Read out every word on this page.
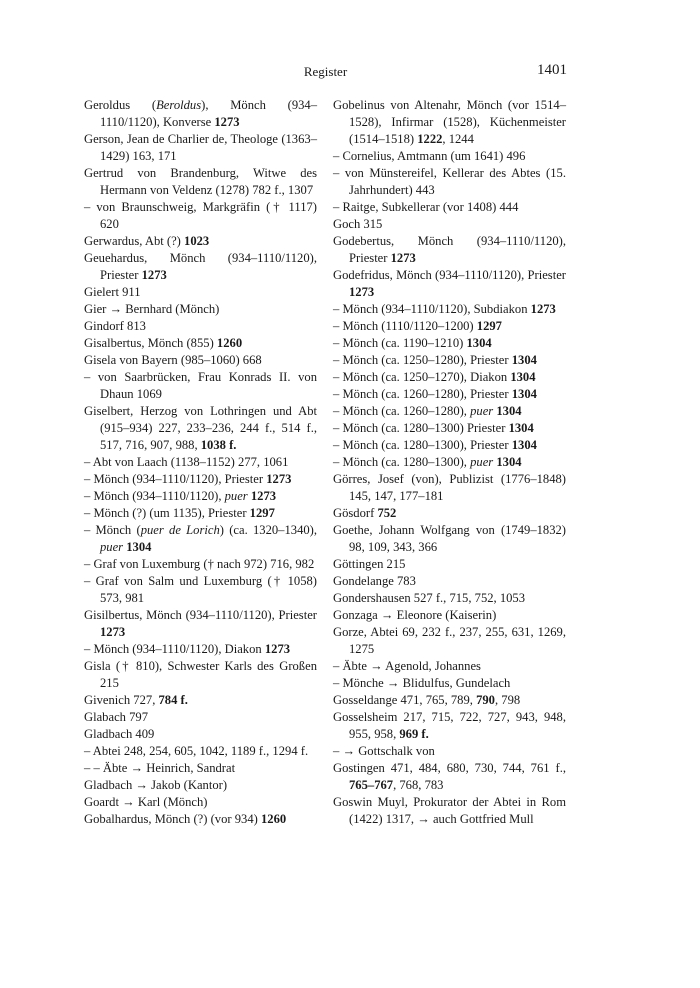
Register	1401

Geroldus (Beroldus), Mönch (934–1110/1120), Konverse 1273

Gerson, Jean de Charlier de, Theologe (1363–1429) 163, 171

Gertrud von Brandenburg, Witwe des Hermann von Veldenz (1278) 782 f., 1307

– von Braunschweig, Markgräfin († 1117) 620

Gerwardus, Abt (?) 1023

Geuehardus, Mönch (934–1110/1120), Priester 1273

Gielert 911

Gier → Bernhard (Mönch)

Gindorf 813

Gisalbertus, Mönch (855) 1260

Gisela von Bayern (985–1060) 668

– von Saarbrücken, Frau Konrads II. von Dhaun 1069

Giselbert, Herzog von Lothringen und Abt (915–934) 227, 233–236, 244 f., 514 f., 517, 716, 907, 988, 1038 f.

– Abt von Laach (1138–1152) 277, 1061

– Mönch (934–1110/1120), Priester 1273

– Mönch (934–1110/1120), puer 1273

– Mönch (?) (um 1135), Priester 1297

– Mönch (puer de Lorich) (ca. 1320–1340), puer 1304

– Graf von Luxemburg († nach 972) 716, 982

– Graf von Salm und Luxemburg († 1058) 573, 981

Gisilbertus, Mönch (934–1110/1120), Priester 1273

– Mönch (934–1110/1120), Diakon 1273

Gisla († 810), Schwester Karls des Großen 215

Givenich 727, 784 f.

Glabach 797

Gladbach 409

– Abtei 248, 254, 605, 1042, 1189 f., 1294 f.

– – Äbte → Heinrich, Sandrat

Gladbach → Jakob (Kantor)

Goardt → Karl (Mönch)

Gobalhardus, Mönch (?) (vor 934) 1260

Gobelinus von Altenahr, Mönch (vor 1514–1528), Infirmar (1528), Küchenmeister (1514–1518) 1222, 1244

– Cornelius, Amtmann (um 1641) 496

– von Münstereifel, Kellerar des Abtes (15. Jahrhundert) 443

– Raitge, Subkellerar (vor 1408) 444

Goch 315

Godebertus, Mönch (934–1110/1120), Priester 1273

Godefridus, Mönch (934–1110/1120), Priester 1273

– Mönch (934–1110/1120), Subdiakon 1273

– Mönch (1110/1120–1200) 1297

– Mönch (ca. 1190–1210) 1304

– Mönch (ca. 1250–1280), Priester 1304

– Mönch (ca. 1250–1270), Diakon 1304

– Mönch (ca. 1260–1280), Priester 1304

– Mönch (ca. 1260–1280), puer 1304

– Mönch (ca. 1280–1300) Priester 1304

– Mönch (ca. 1280–1300), Priester 1304

– Mönch (ca. 1280–1300), puer 1304

Görres, Josef (von), Publizist (1776–1848) 145, 147, 177–181

Gösdorf 752

Goethe, Johann Wolfgang von (1749–1832) 98, 109, 343, 366

Göttingen 215

Gondelange 783

Gondershausen 527 f., 715, 752, 1053

Gonzaga → Eleonore (Kaiserin)

Gorze, Abtei 69, 232 f., 237, 255, 631, 1269, 1275

– Äbte → Agenold, Johannes

– Mönche → Blidulfus, Gundelach

Gosseldange 471, 765, 789, 790, 798

Gosselsheim 217, 715, 722, 727, 943, 948, 955, 958, 969 f.

– → Gottschalk von

Gostingen 471, 484, 680, 730, 744, 761 f., 765–767, 768, 783

Goswin Muyl, Prokurator der Abtei in Rom (1422) 1317, → auch Gottfried Mull
